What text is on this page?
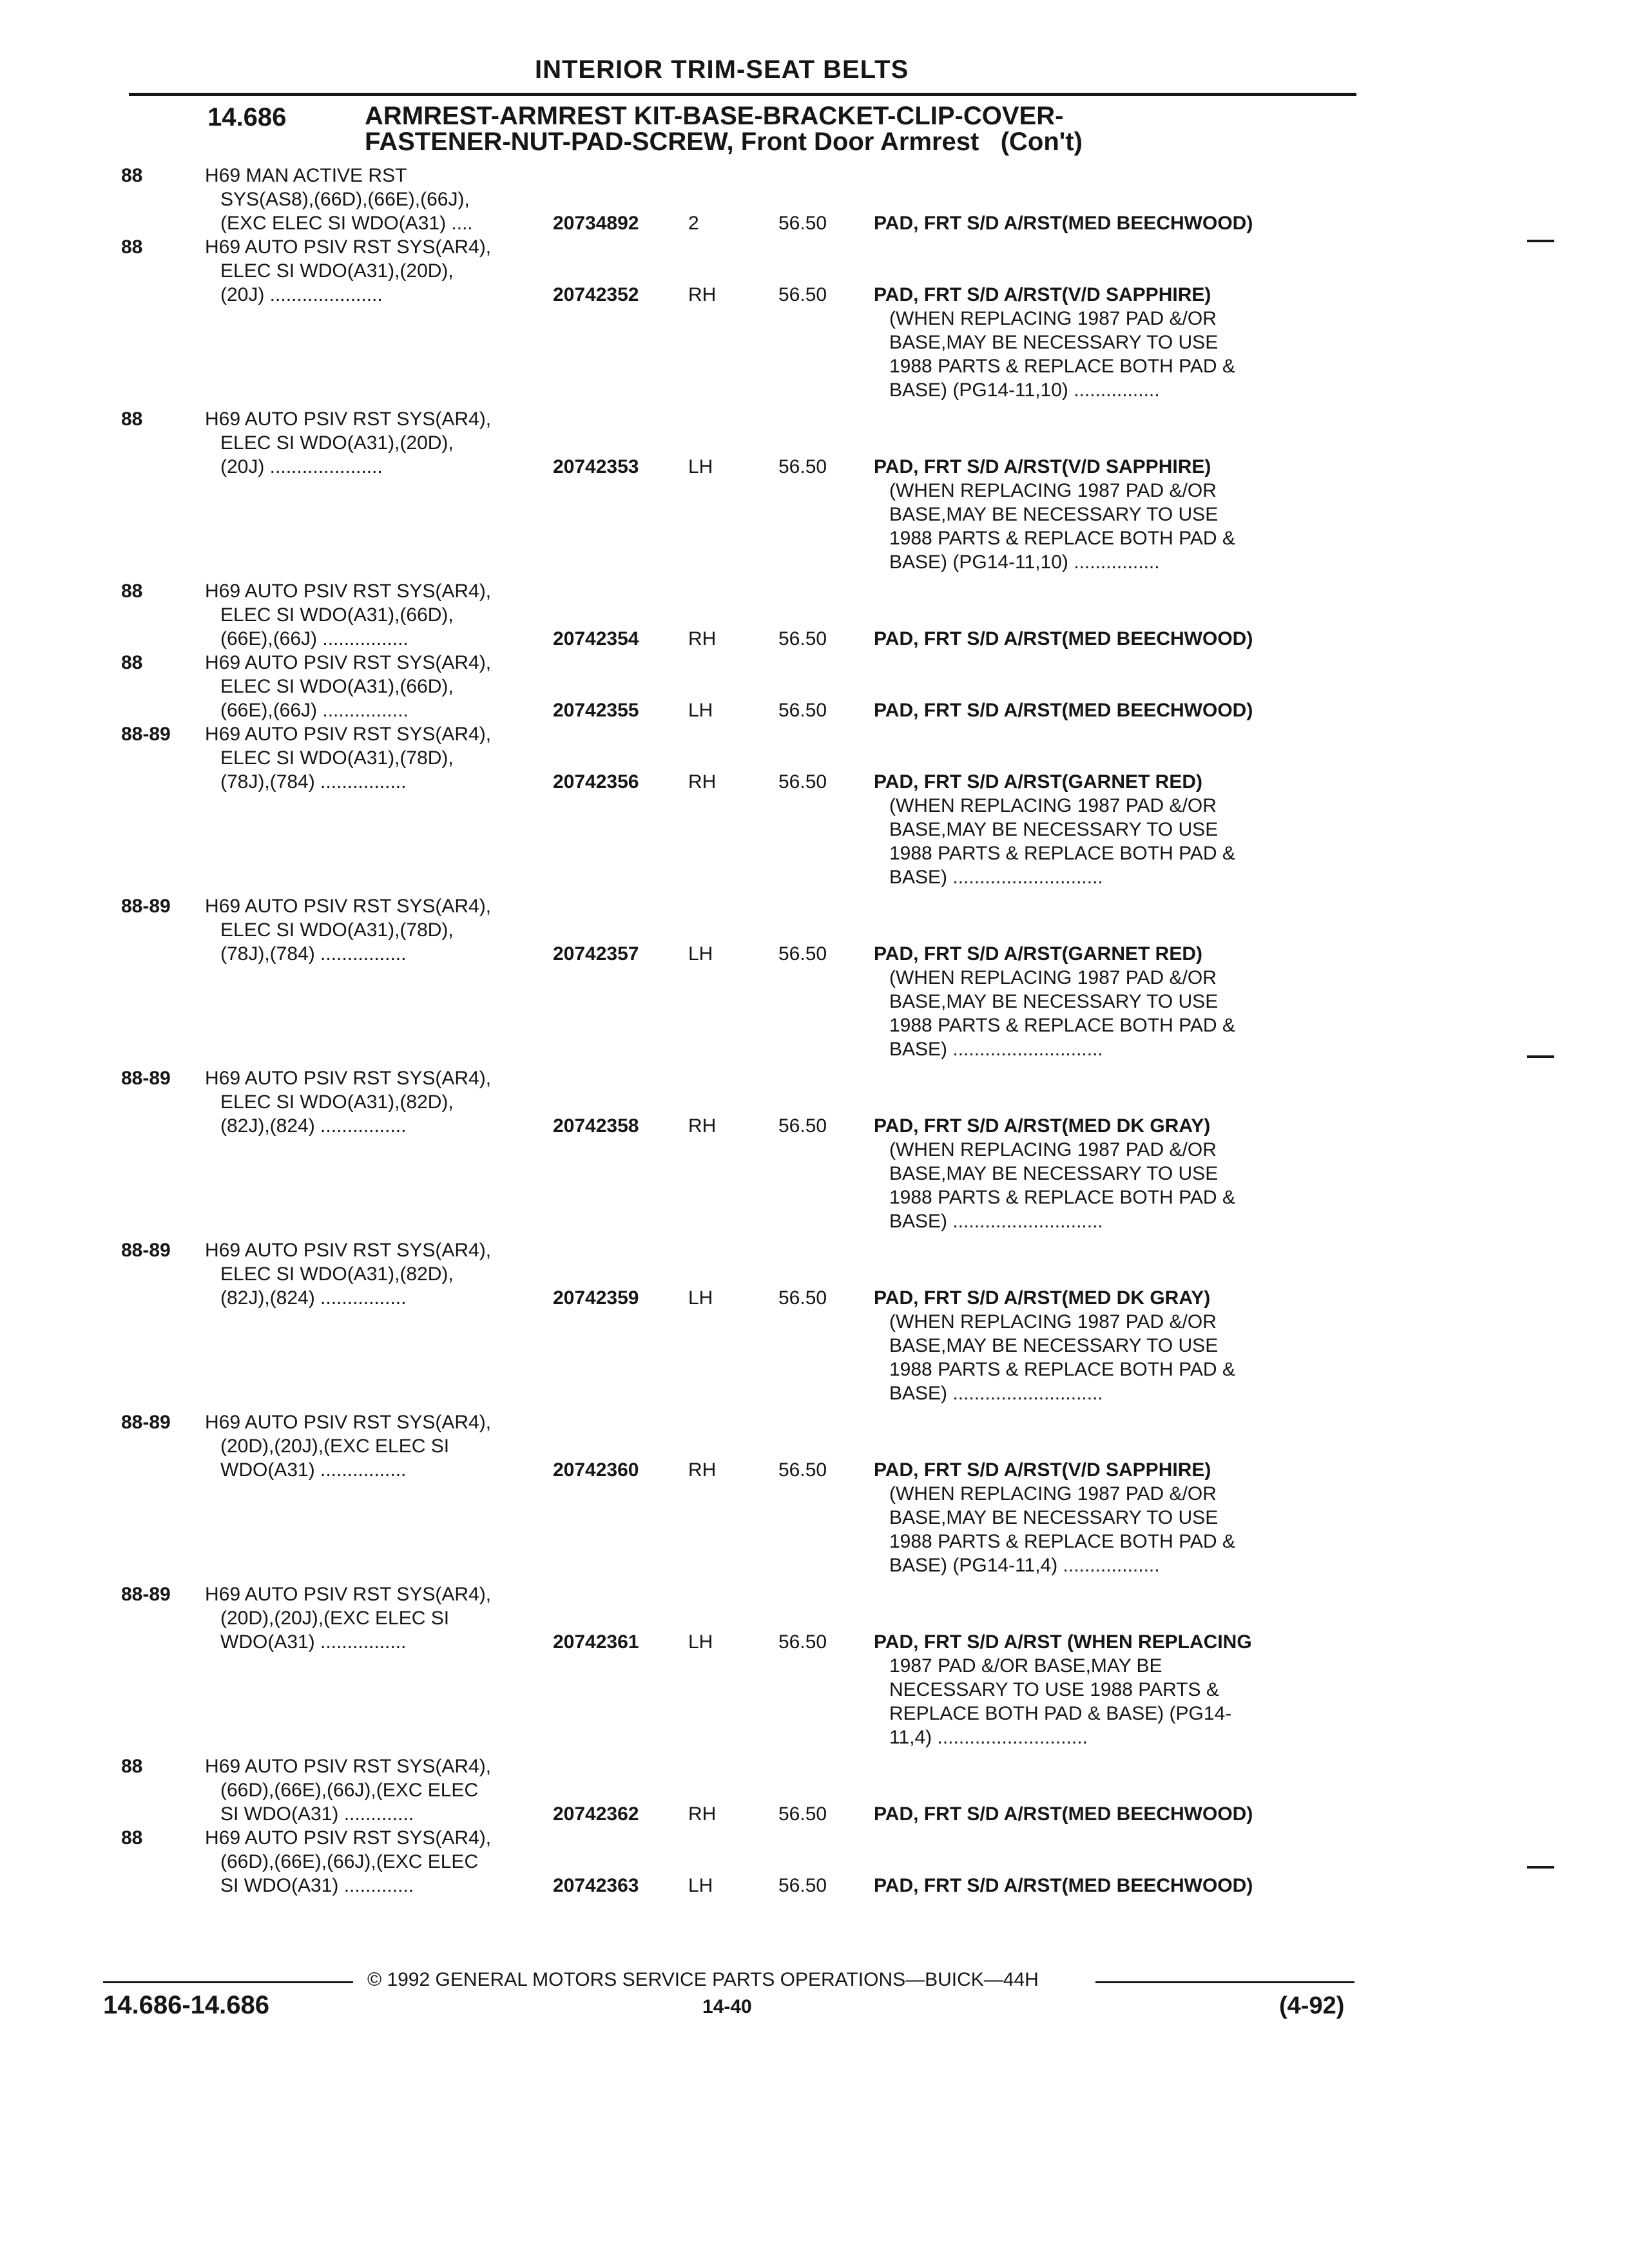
INTERIOR TRIM-SEAT BELTS
14.686	ARMREST-ARMREST KIT-BASE-BRACKET-CLIP-COVER-
FASTENER-NUT-PAD-SCREW, Front Door Armrest (Con't)
88	H69 MAN ACTIVE RST
SYS(AS8),(66D),(66E),(66J),
(EXC ELEC SI WDO(A31) ....	20734892	2	56.50 PAD, FRT S/D A/RST(MED BEECHWOOD)
88	H69 AUTO PSIV RST SYS(AR4),
ELEC SI WDO(A31),(20D),
(20J) .....................	20742352	RH	56.50 PAD, FRT S/D A/RST(V/D SAPPHIRE)
(WHEN REPLACING 1987 PAD &/OR
BASE,MAY BE NECESSARY TO USE
1988 PARTS & REPLACE BOTH PAD &
BASE) (PG14-11,10) ................
88	H69 AUTO PSIV RST SYS(AR4),
ELEC SI WDO(A31),(20D),
(20J) .....................	20742353	LH	56.50 PAD, FRT S/D A/RST(V/D SAPPHIRE)
(WHEN REPLACING 1987 PAD &/OR
BASE,MAY BE NECESSARY TO USE
1988 PARTS & REPLACE BOTH PAD &
BASE) (PG14-11,10) ................
88	H69 AUTO PSIV RST SYS(AR4),
ELEC SI WDO(A31),(66D),
(66E),(66J) ................	20742354	RH	56.50 PAD, FRT S/D A/RST(MED BEECHWOOD)
88	H69 AUTO PSIV RST SYS(AR4),
ELEC SI WDO(A31),(66D),
(66E),(66J) ................	20742355	LH	56.50 PAD, FRT S/D A/RST(MED BEECHWOOD)
88-89 H69 AUTO PSIV RST SYS(AR4),
ELEC SI WDO(A31),(78D),
(78J),(784) ................	20742356	RH	56.50 PAD, FRT S/D A/RST(GARNET RED)
(WHEN REPLACING 1987 PAD &/OR
BASE,MAY BE NECESSARY TO USE
1988 PARTS & REPLACE BOTH PAD &
BASE) ............................
88-89 H69 AUTO PSIV RST SYS(AR4),
ELEC SI WDO(A31),(78D),
(78J),(784) ................	20742357	LH	56.50 PAD, FRT S/D A/RST(GARNET RED)
(WHEN REPLACING 1987 PAD &/OR
BASE,MAY BE NECESSARY TO USE
1988 PARTS & REPLACE BOTH PAD &
BASE) ............................
88-89 H69 AUTO PSIV RST SYS(AR4),
ELEC SI WDO(A31),(82D),
(82J),(824) ................	20742358	RH	56.50 PAD, FRT S/D A/RST(MED DK GRAY)
(WHEN REPLACING 1987 PAD &/OR
BASE,MAY BE NECESSARY TO USE
1988 PARTS & REPLACE BOTH PAD &
BASE) ............................
88-89 H69 AUTO PSIV RST SYS(AR4),
ELEC SI WDO(A31),(82D),
(82J),(824) ................	20742359	LH	56.50 PAD, FRT S/D A/RST(MED DK GRAY)
(WHEN REPLACING 1987 PAD &/OR
BASE,MAY BE NECESSARY TO USE
1988 PARTS & REPLACE BOTH PAD &
BASE) ............................
88-89 H69 AUTO PSIV RST SYS(AR4),
(20D),(20J),(EXC ELEC SI
WDO(A31) ................	20742360	RH	56.50 PAD, FRT S/D A/RST(V/D SAPPHIRE)
(WHEN REPLACING 1987 PAD &/OR
BASE,MAY BE NECESSARY TO USE
1988 PARTS & REPLACE BOTH PAD &
BASE) (PG14-11,4) ..................
88-89 H69 AUTO PSIV RST SYS(AR4),
(20D),(20J),(EXC ELEC SI
WDO(A31) ................	20742361	LH	56.50 PAD, FRT S/D A/RST (WHEN REPLACING
1987 PAD &/OR BASE,MAY BE
NECESSARY TO USE 1988 PARTS &
REPLACE BOTH PAD & BASE) (PG14-
11,4) ............................
88	H69 AUTO PSIV RST SYS(AR4),
(66D),(66E),(66J),(EXC ELEC
SI WDO(A31) .............	20742362	RH	56.50 PAD, FRT S/D A/RST(MED BEECHWOOD)
88	H69 AUTO PSIV RST SYS(AR4),
(66D),(66E),(66J),(EXC ELEC
SI WDO(A31) .............	20742363	LH	56.50 PAD, FRT S/D A/RST(MED BEECHWOOD)
© 1992 GENERAL MOTORS SERVICE PARTS OPERATIONS—BUICK—44H
14.686-14.686	14-40	(4-92)
